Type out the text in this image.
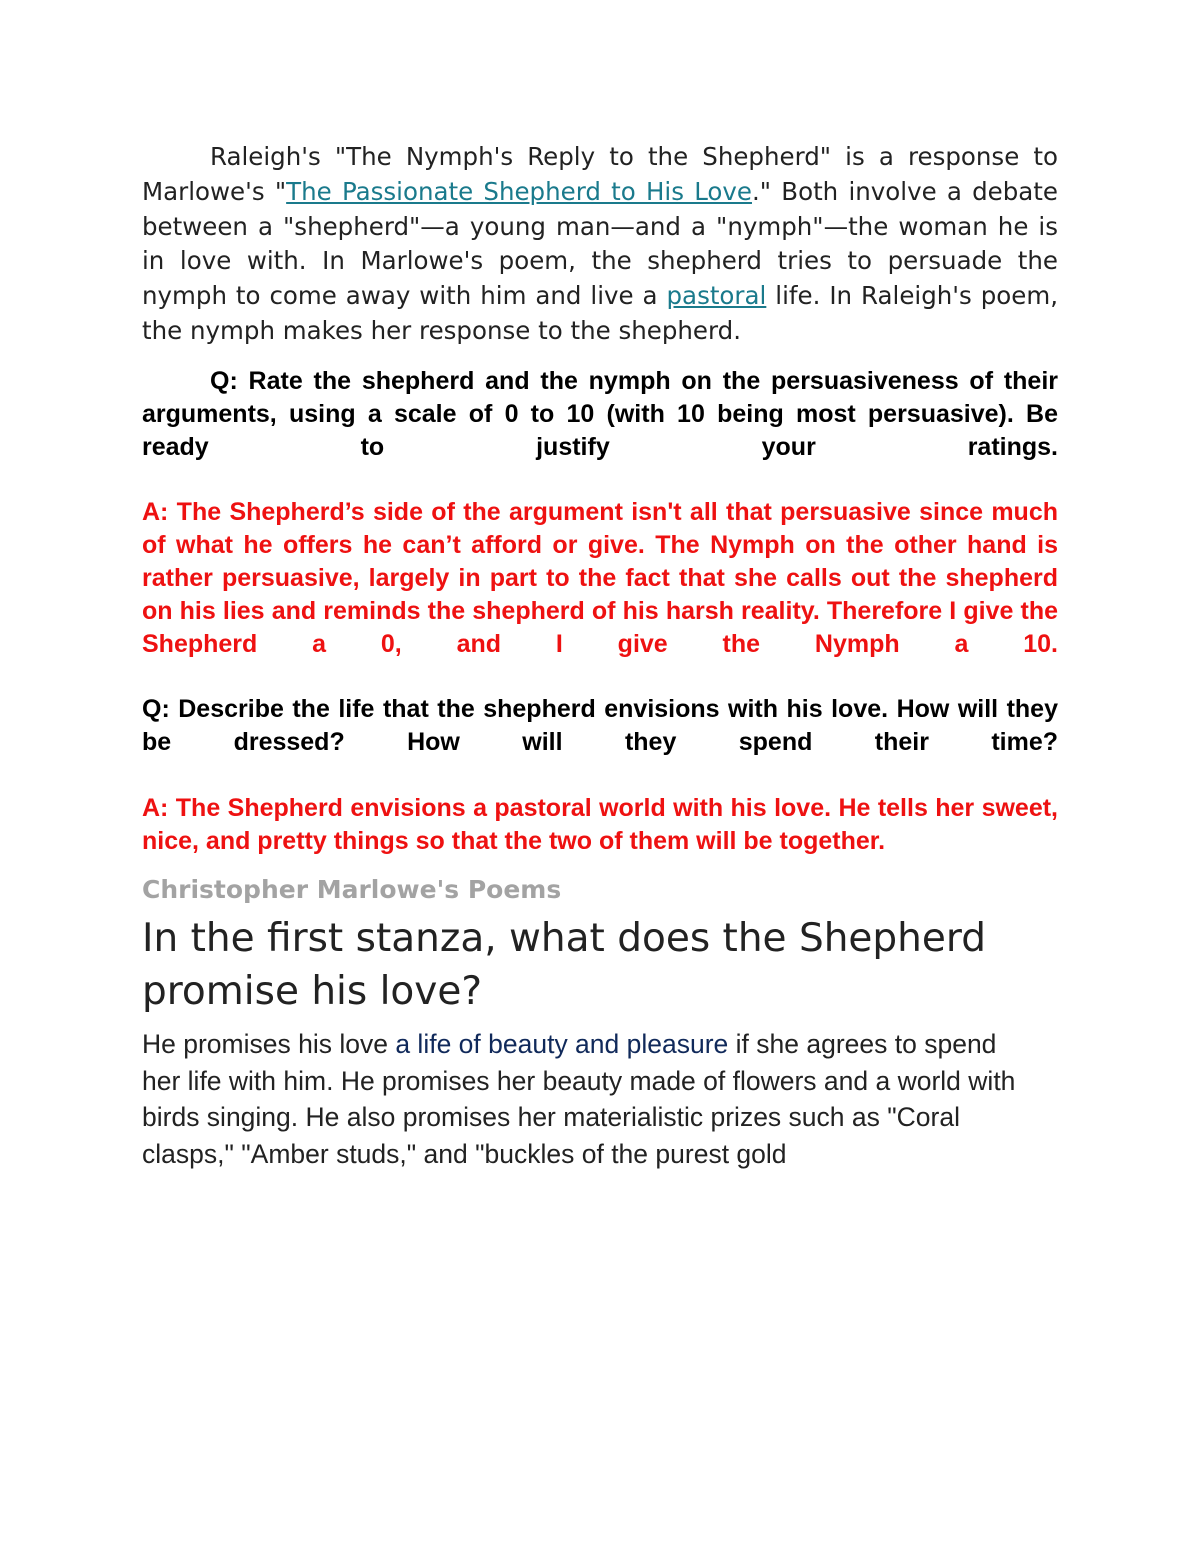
Raleigh's "The Nymph's Reply to the Shepherd" is a response to Marlowe's "The Passionate Shepherd to His Love." Both involve a debate between a "shepherd"—a young man—and a "nymph"—the woman he is in love with. In Marlowe's poem, the shepherd tries to persuade the nymph to come away with him and live a pastoral life. In Raleigh's poem, the nymph makes her response to the shepherd.

Q: Rate the shepherd and the nymph on the persuasiveness of their arguments, using a scale of 0 to 10 (with 10 being most persuasive). Be ready to justify your ratings.

A: The Shepherd’s side of the argument isn't all that persuasive since much of what he offers he can’t afford or give. The Nymph on the other hand is rather persuasive, largely in part to the fact that she calls out the shepherd on his lies and reminds the shepherd of his harsh reality. Therefore I give the Shepherd a 0, and I give the Nymph a 10.

Q: Describe the life that the shepherd envisions with his love. How will they be dressed? How will they spend their time?

A: The Shepherd envisions a pastoral world with his love. He tells her sweet, nice, and pretty things so that the two of them will be together.

Christopher Marlowe's Poems

In the first stanza, what does the Shepherd promise his love?

He promises his love a life of beauty and pleasure if she agrees to spend her life with him. He promises her beauty made of flowers and a world with birds singing. He also promises her materialistic prizes such as "Coral clasps," "Amber studs," and "buckles of the purest gold
